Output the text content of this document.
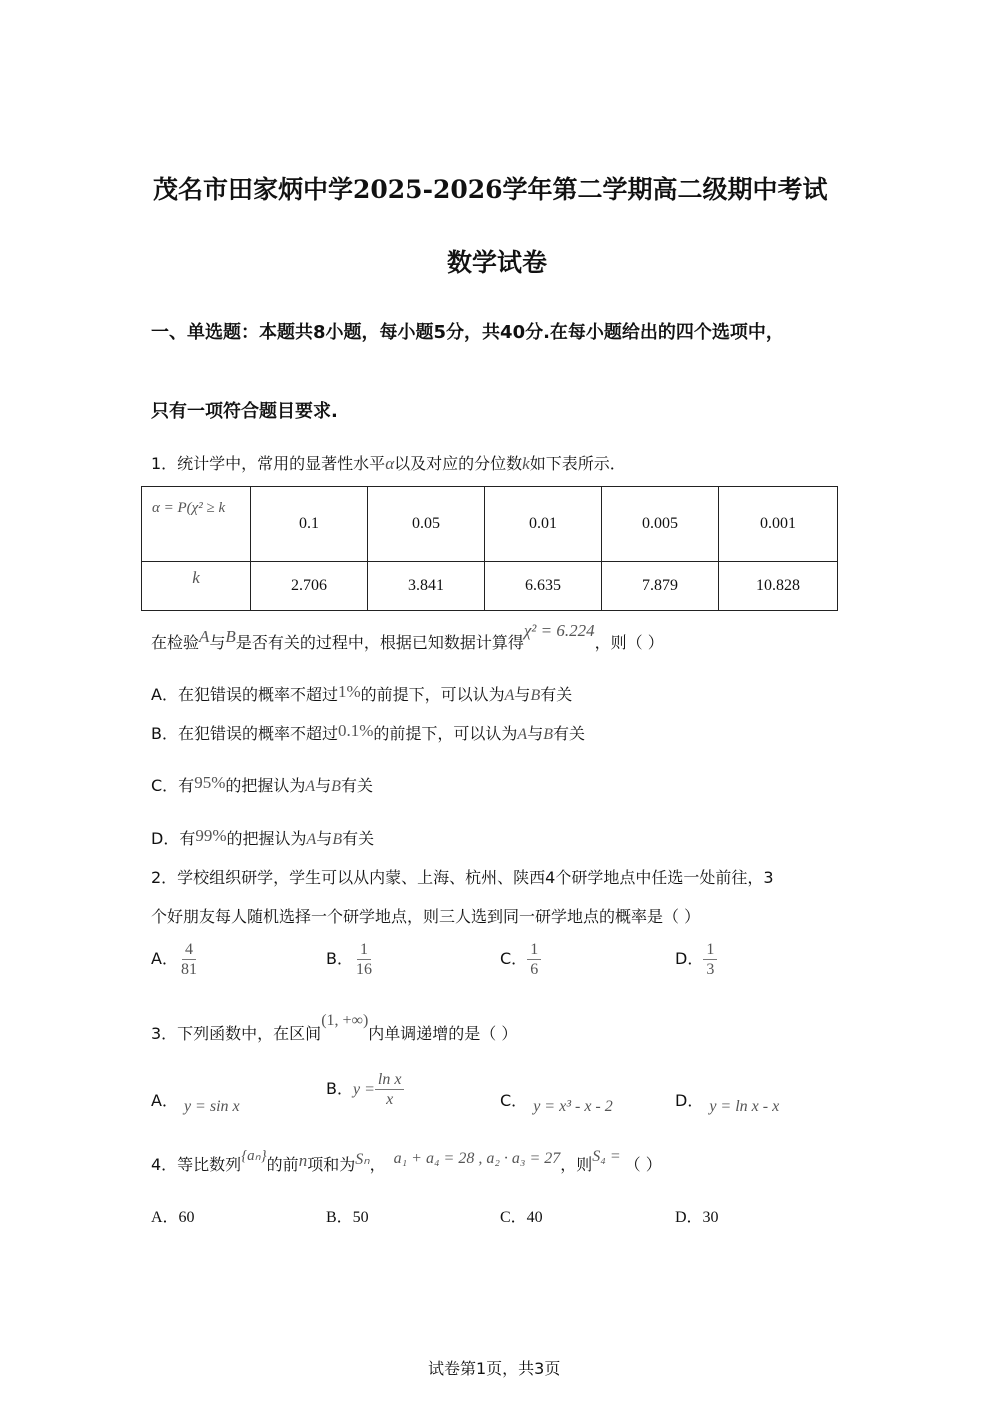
茂名市田家炳中学2025-2026学年第二学期高二级期中考试
数学试卷
一、单选题：本题共8小题，每小题5分，共40分.在每小题给出的四个选项中，
只有一项符合题目要求.
1．统计学中，常用的显著性水平α以及对应的分位数k如下表所示．
α = P(χ² ≥ k	0.1	0.05	0.01	0.005	0.001
k	2.706	3.841	6.635	7.879	10.828
在检验A与B是否有关的过程中，根据已知数据计算得χ² = 6.224，则（ ）
A．在犯错误的概率不超过1%的前提下，可以认为A与B有关
B．在犯错误的概率不超过0.1%的前提下，可以认为A与B有关
C．有95%的把握认为A与B有关
D．有99%的把握认为A与B有关
2．学校组织研学，学生可以从内蒙、上海、杭州、陕西4个研学地点中任选一处前往，3
个好朋友每人随机选择一个研学地点，则三人选到同一研学地点的概率是（ ）
A． $\frac{4}{81}$	B． $\frac{1}{16}$	C． $\frac{1}{6}$	D． $\frac{1}{3}$
3．下列函数中，在区间(1, +∞)内单调递增的是（ ）
A． y = sin x
B．$y = \frac{\text{ln x}}{x}$	C． y = x³ - x - 2	D． y = ln x - x
4．等比数列{aₙ}的前n项和为Sₙ， a₁ + a₄ = 28 , a₂ · a₃ = 27，则S₄ = （ ）
A．60	B．50	C．40	D．30
试卷第1页，共3页
